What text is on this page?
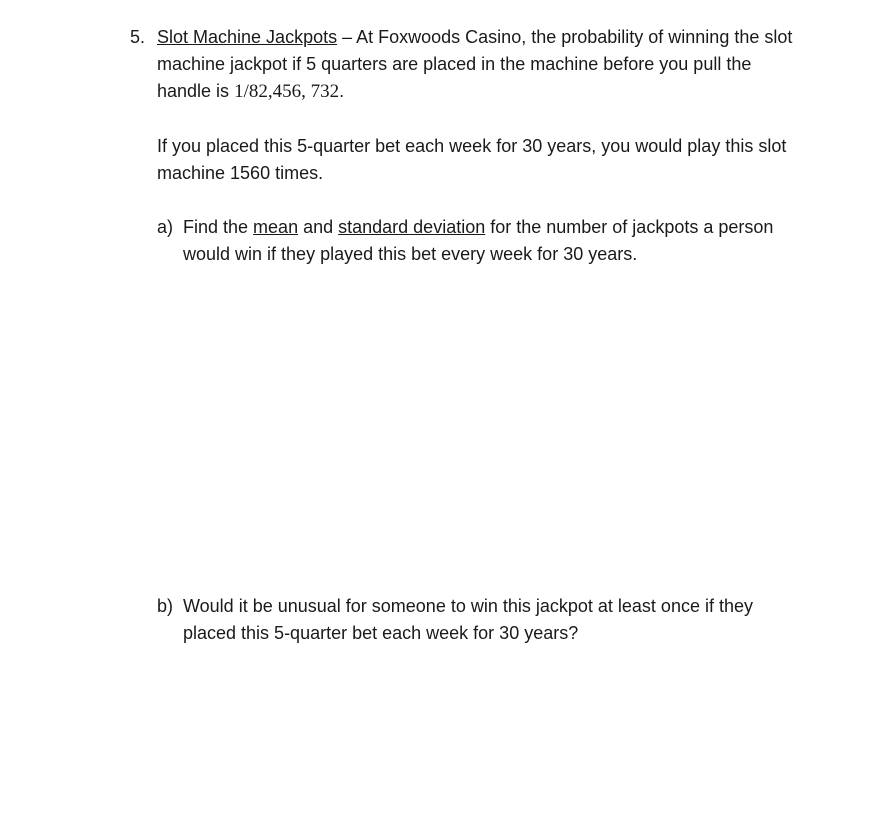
5. Slot Machine Jackpots – At Foxwoods Casino, the probability of winning the slot machine jackpot if 5 quarters are placed in the machine before you pull the handle is 1/82,456, 732.
If you placed this 5-quarter bet each week for 30 years, you would play this slot machine 1560 times.
a) Find the mean and standard deviation for the number of jackpots a person would win if they played this bet every week for 30 years.
b) Would it be unusual for someone to win this jackpot at least once if they placed this 5-quarter bet each week for 30 years?
